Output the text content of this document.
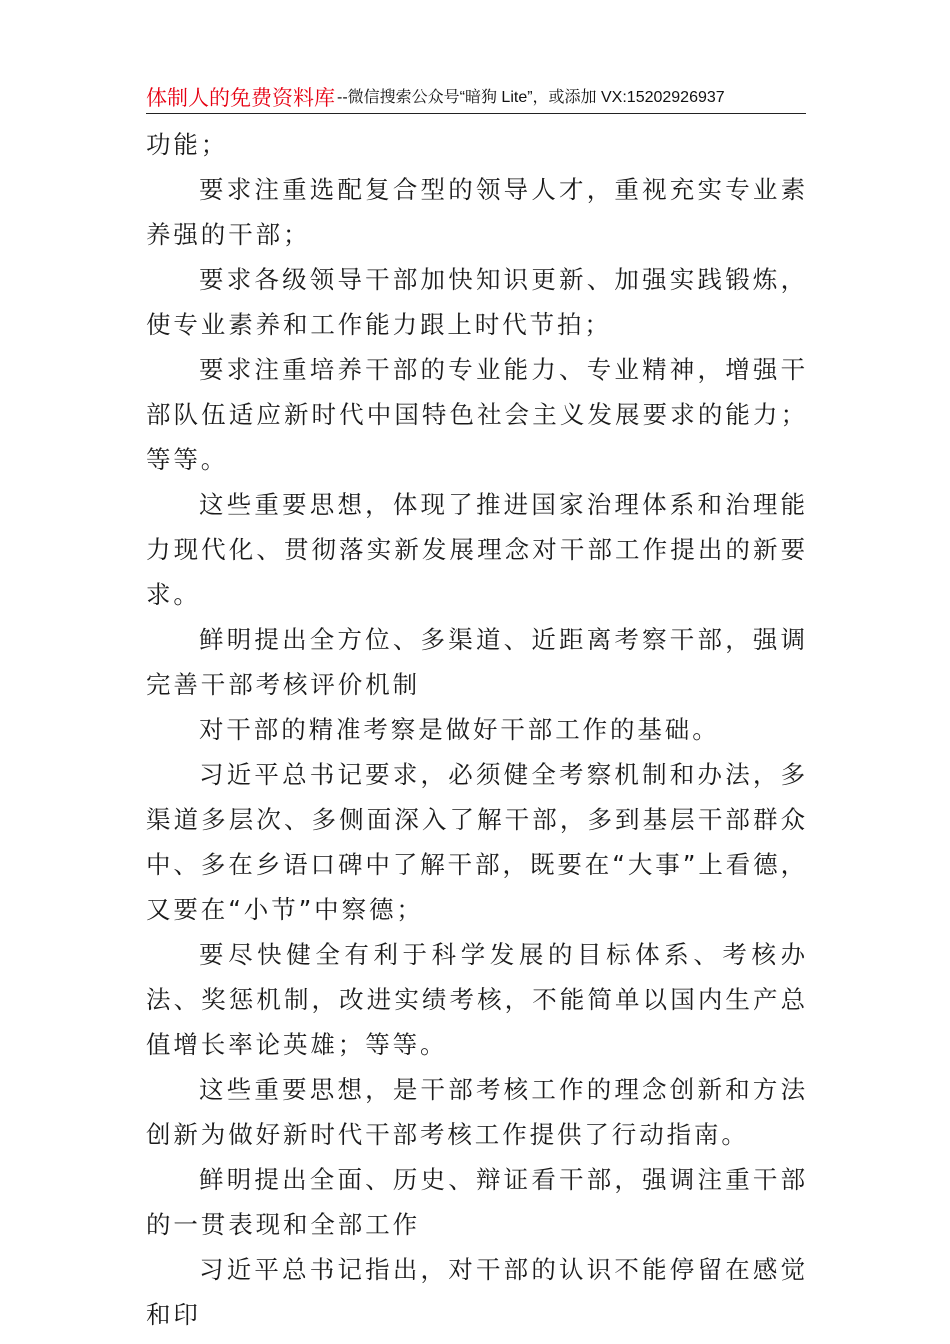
体制人的免费资料库 --微信搜索公众号“暗狗 Lite”，或添加 VX:15202926937

功能；

要求注重选配复合型的领导人才，重视充实专业素养强的干部；

要求各级领导干部加快知识更新、加强实践锻炼，使专业素养和工作能力跟上时代节拍；

要求注重培养干部的专业能力、专业精神，增强干部队伍适应新时代中国特色社会主义发展要求的能力；等等。

这些重要思想，体现了推进国家治理体系和治理能力现代化、贯彻落实新发展理念对干部工作提出的新要求。

鲜明提出全方位、多渠道、近距离考察干部，强调完善干部考核评价机制

对干部的精准考察是做好干部工作的基础。

习近平总书记要求，必须健全考察机制和办法，多渠道多层次、多侧面深入了解干部，多到基层干部群众中、多在乡语口碑中了解干部，既要在“大事”上看德，又要在“小节”中察德；

要尽快健全有利于科学发展的目标体系、考核办法、奖惩机制，改进实绩考核，不能简单以国内生产总值增长率论英雄；等等。

这些重要思想，是干部考核工作的理念创新和方法创新为做好新时代干部考核工作提供了行动指南。

鲜明提出全面、历史、辩证看干部，强调注重干部的一贯表现和全部工作

习近平总书记指出，对干部的认识不能停留在感觉和印
